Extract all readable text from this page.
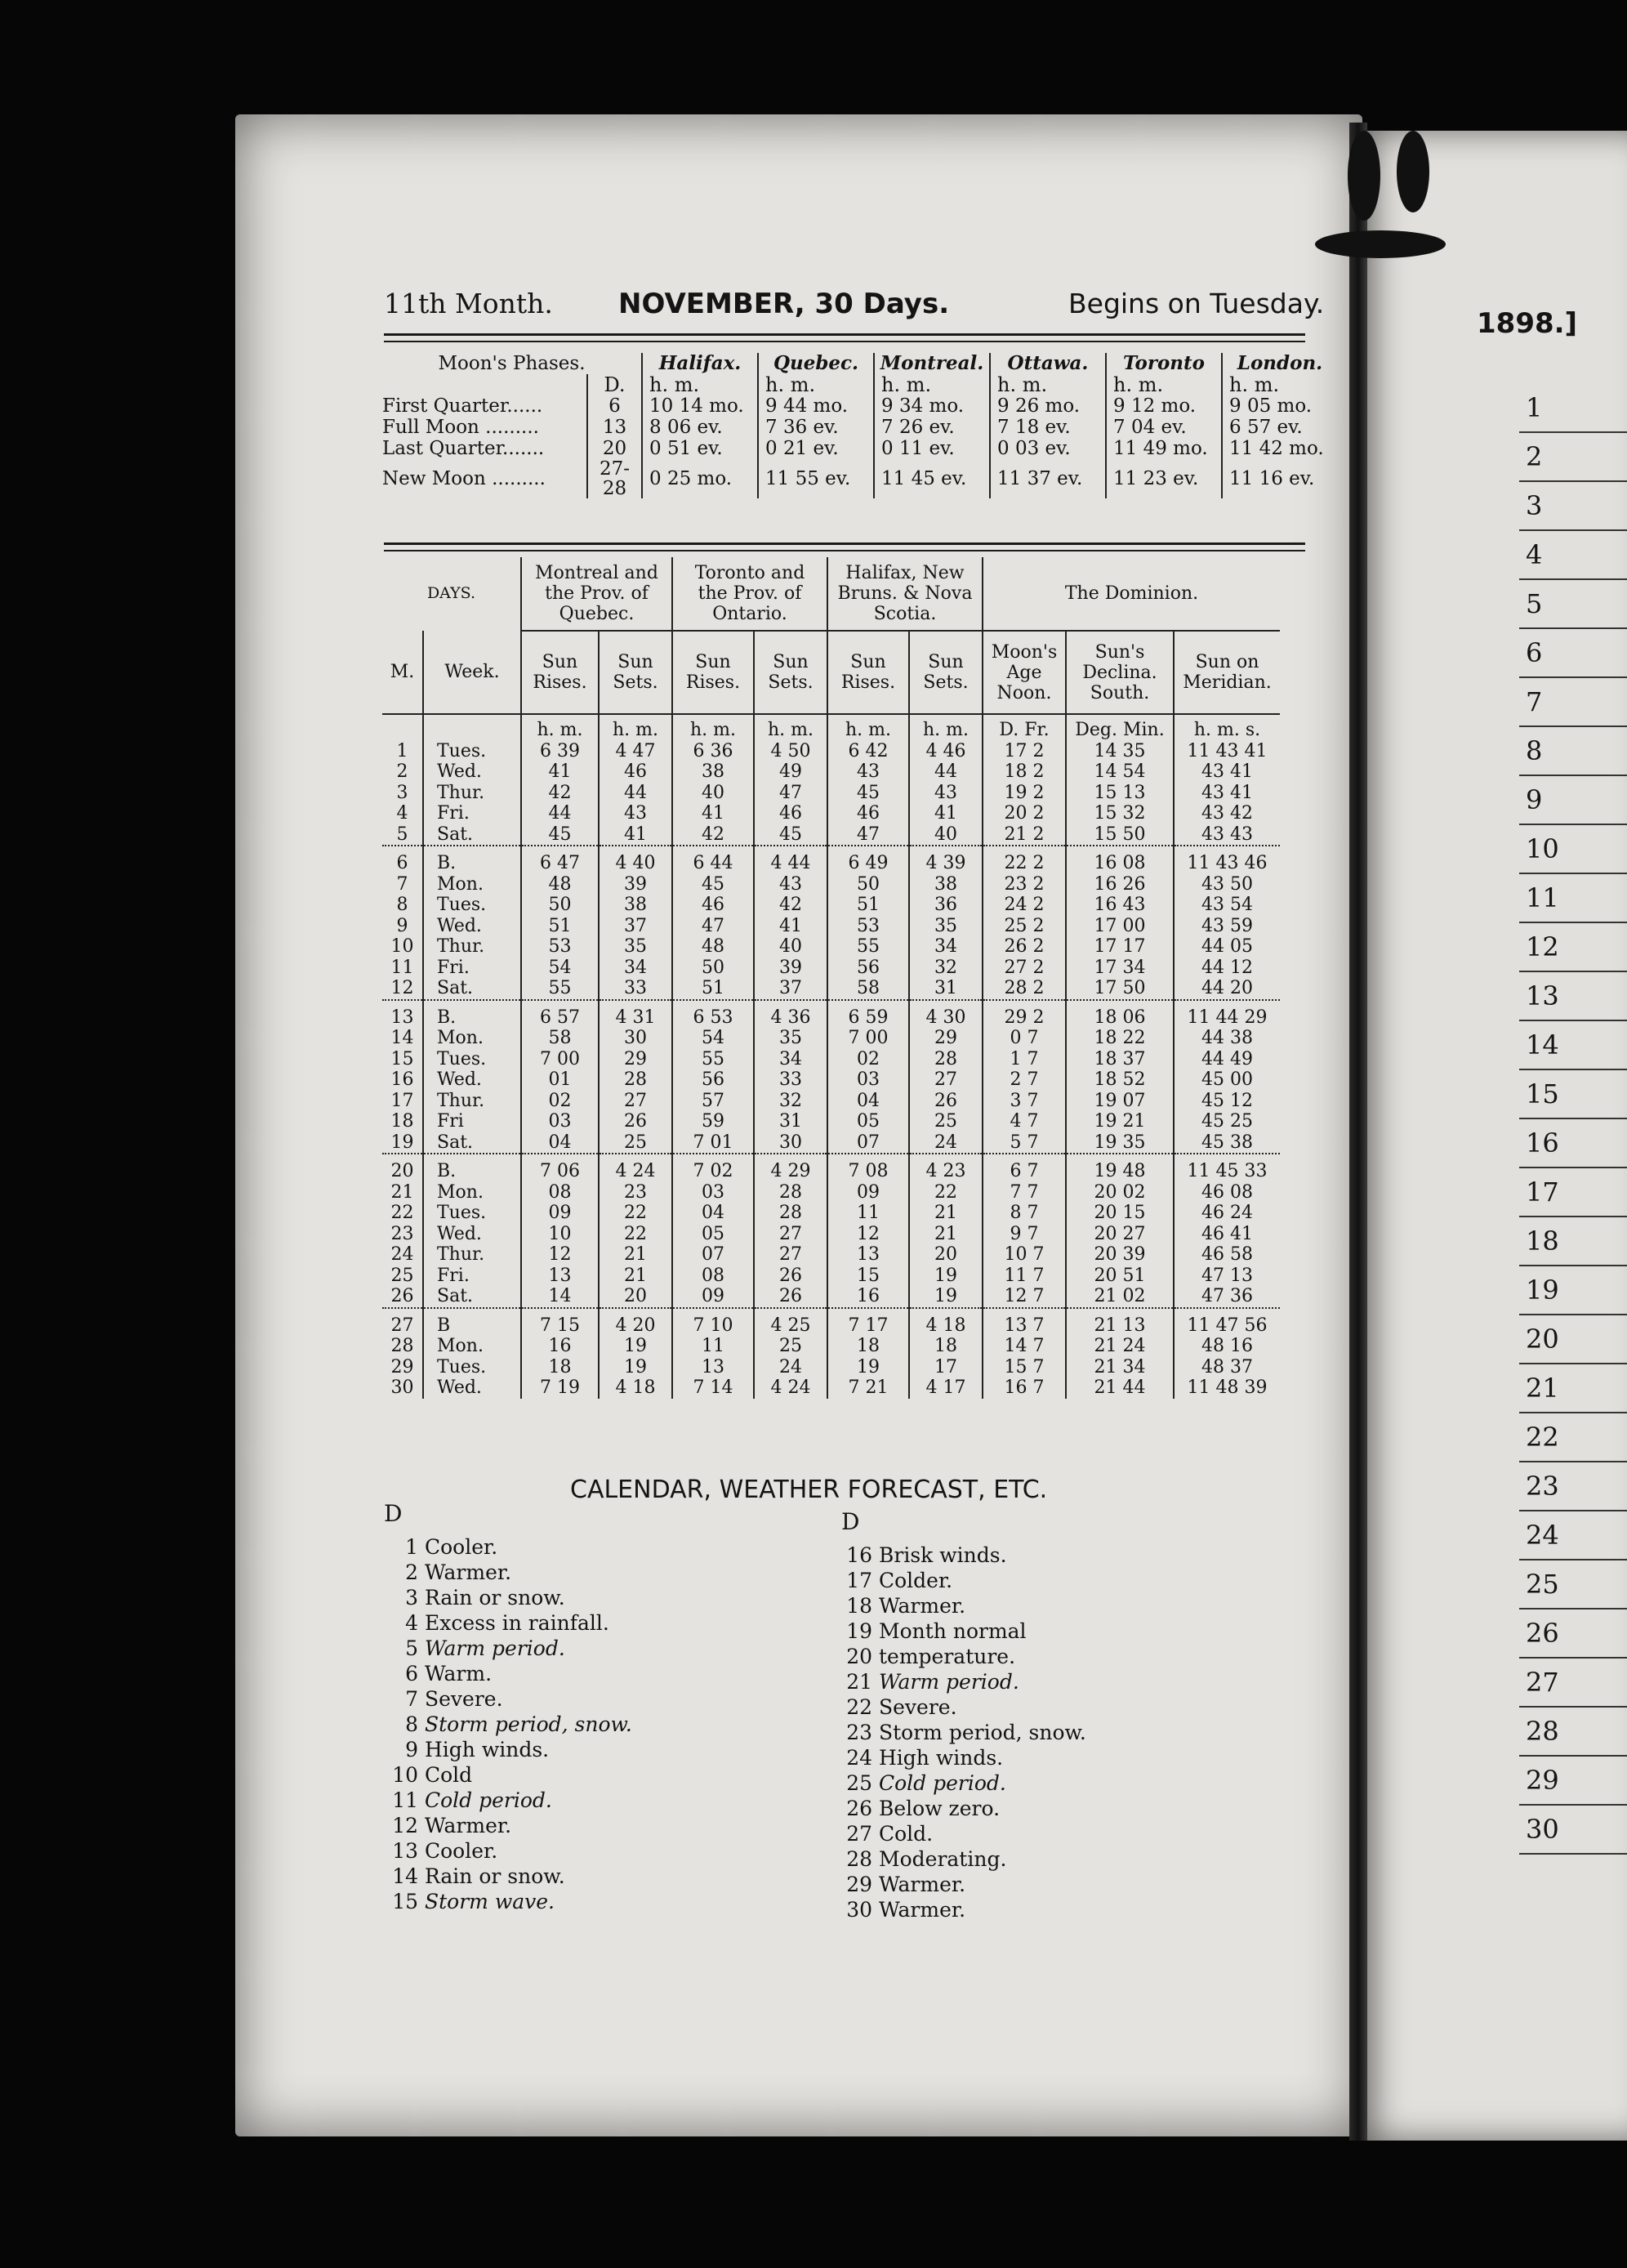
11th Month. NOVEMBER, 30 Days.	Begins on Tuesday.
1898.]
Moon's Phases.		Halifax.	Quebec.	Montreal.	Ottawa.	Toronto	London.
	D.	h. m.	h. m.	h. m.	h. m.	h. m.	h. m.
First Quarter......	6	10 14 mo.	9 44 mo.	9 34 mo.	9 26 mo.	9 12 mo.	9 05 mo.
Full Moon .........	13	8 06 ev.	7 36 ev.	7 26 ev.	7 18 ev.	7 04 ev.	6 57 ev.
Last Quarter.......	20	0 51 ev.	0 21 ev.	0 11 ev.	0 03 ev.	11 49 mo.	11 42 mo.
New Moon .........	27-28	0 25 mo.	11 55 ev.	11 45 ev.	11 37 ev.	11 23 ev.	11 16 ev.
DAYS.		Montreal and the Prov. of Quebec.		Toronto and the Prov. of Ontario.		Halifax, New Bruns. & Nova Scotia.		The Dominion.		
M.	Week.	Sun Rises.	Sun Sets.	Sun Rises.	Sun Sets.	Sun Rises.	Sun Sets.	Moon's Age Noon.	Sun's Declina. South.	Sun on Meridian.
		h. m.	h. m.	h. m.	h. m.	h. m.	h. m.	D. Fr.	Deg. Min.	h. m. s.
1	Tues.	6 39	4 47	6 36	4 50	6 42	4 46	17 2	14 35	11 43 41
2	Wed.	41	46	38	49	43	44	18 2	14 54	43 41
3	Thur.	42	44	40	47	45	43	19 2	15 13	43 41
4	Fri.	44	43	41	46	46	41	20 2	15 32	43 42
5	Sat.	45	41	42	45	47	40	21 2	15 50	43 43
6	B.	6 47	4 40	6 44	4 44	6 49	4 39	22 2	16 08	11 43 46
7	Mon.	48	39	45	43	50	38	23 2	16 26	43 50
8	Tues.	50	38	46	42	51	36	24 2	16 43	43 54
9	Wed.	51	37	47	41	53	35	25 2	17 00	43 59
10	Thur.	53	35	48	40	55	34	26 2	17 17	44 05
11	Fri.	54	34	50	39	56	32	27 2	17 34	44 12
12	Sat.	55	33	51	37	58	31	28 2	17 50	44 20
13	B.	6 57	4 31	6 53	4 36	6 59	4 30	29 2	18 06	11 44 29
14	Mon.	58	30	54	35	7 00	29	0 7	18 22	44 38
15	Tues.	7 00	29	55	34	02	28	1 7	18 37	44 49
16	Wed.	01	28	56	33	03	27	2 7	18 52	45 00
17	Thur.	02	27	57	32	04	26	3 7	19 07	45 12
18	Fri	03	26	59	31	05	25	4 7	19 21	45 25
19	Sat.	04	25	7 01	30	07	24	5 7	19 35	45 38
20	B.	7 06	4 24	7 02	4 29	7 08	4 23	6 7	19 48	11 45 33
21	Mon.	08	23	03	28	09	22	7 7	20 02	46 08
22	Tues.	09	22	04	28	11	21	8 7	20 15	46 24
23	Wed.	10	22	05	27	12	21	9 7	20 27	46 41
24	Thur.	12	21	07	27	13	20	10 7	20 39	46 58
25	Fri.	13	21	08	26	15	19	11 7	20 51	47 13
26	Sat.	14	20	09	26	16	19	12 7	21 02	47 36
27	B	7 15	4 20	7 10	4 25	7 17	4 18	13 7	21 13	11 47 56
28	Mon.	16	19	11	25	18	18	14 7	21 24	48 16
29	Tues.	18	19	13	24	19	17	15 7	21 34	48 37
30	Wed.	7 19	4 18	7 14	4 24	7 21	4 17	16 7	21 44	11 48 39
CALENDAR, WEATHER FORECAST, ETC.
D	D
1 Cooler.
2 Warmer.
3 Rain or snow.
4 Excess in rainfall.
5 Warm period.
6 Warm.
7 Severe.
8 Storm period, snow.
9 High winds.
10 Cold
11 Cold period.
12 Warmer.
13 Cooler.
14 Rain or snow.
15 Storm wave.
16 Brisk winds.
17 Colder.
18 Warmer.
19 Month normal
20 temperature.
21 Warm period.
22 Severe.
23 Storm period, snow.
24 High winds.
25 Cold period.
26 Below zero.
27 Cold.
28 Moderating.
29 Warmer.
30 Warmer.
1
2
3
4
5
6
7
8
9
10
11
12
13
14
15
16
17
18
19
20
21
22
23
24
25
26
27
28
29
30
